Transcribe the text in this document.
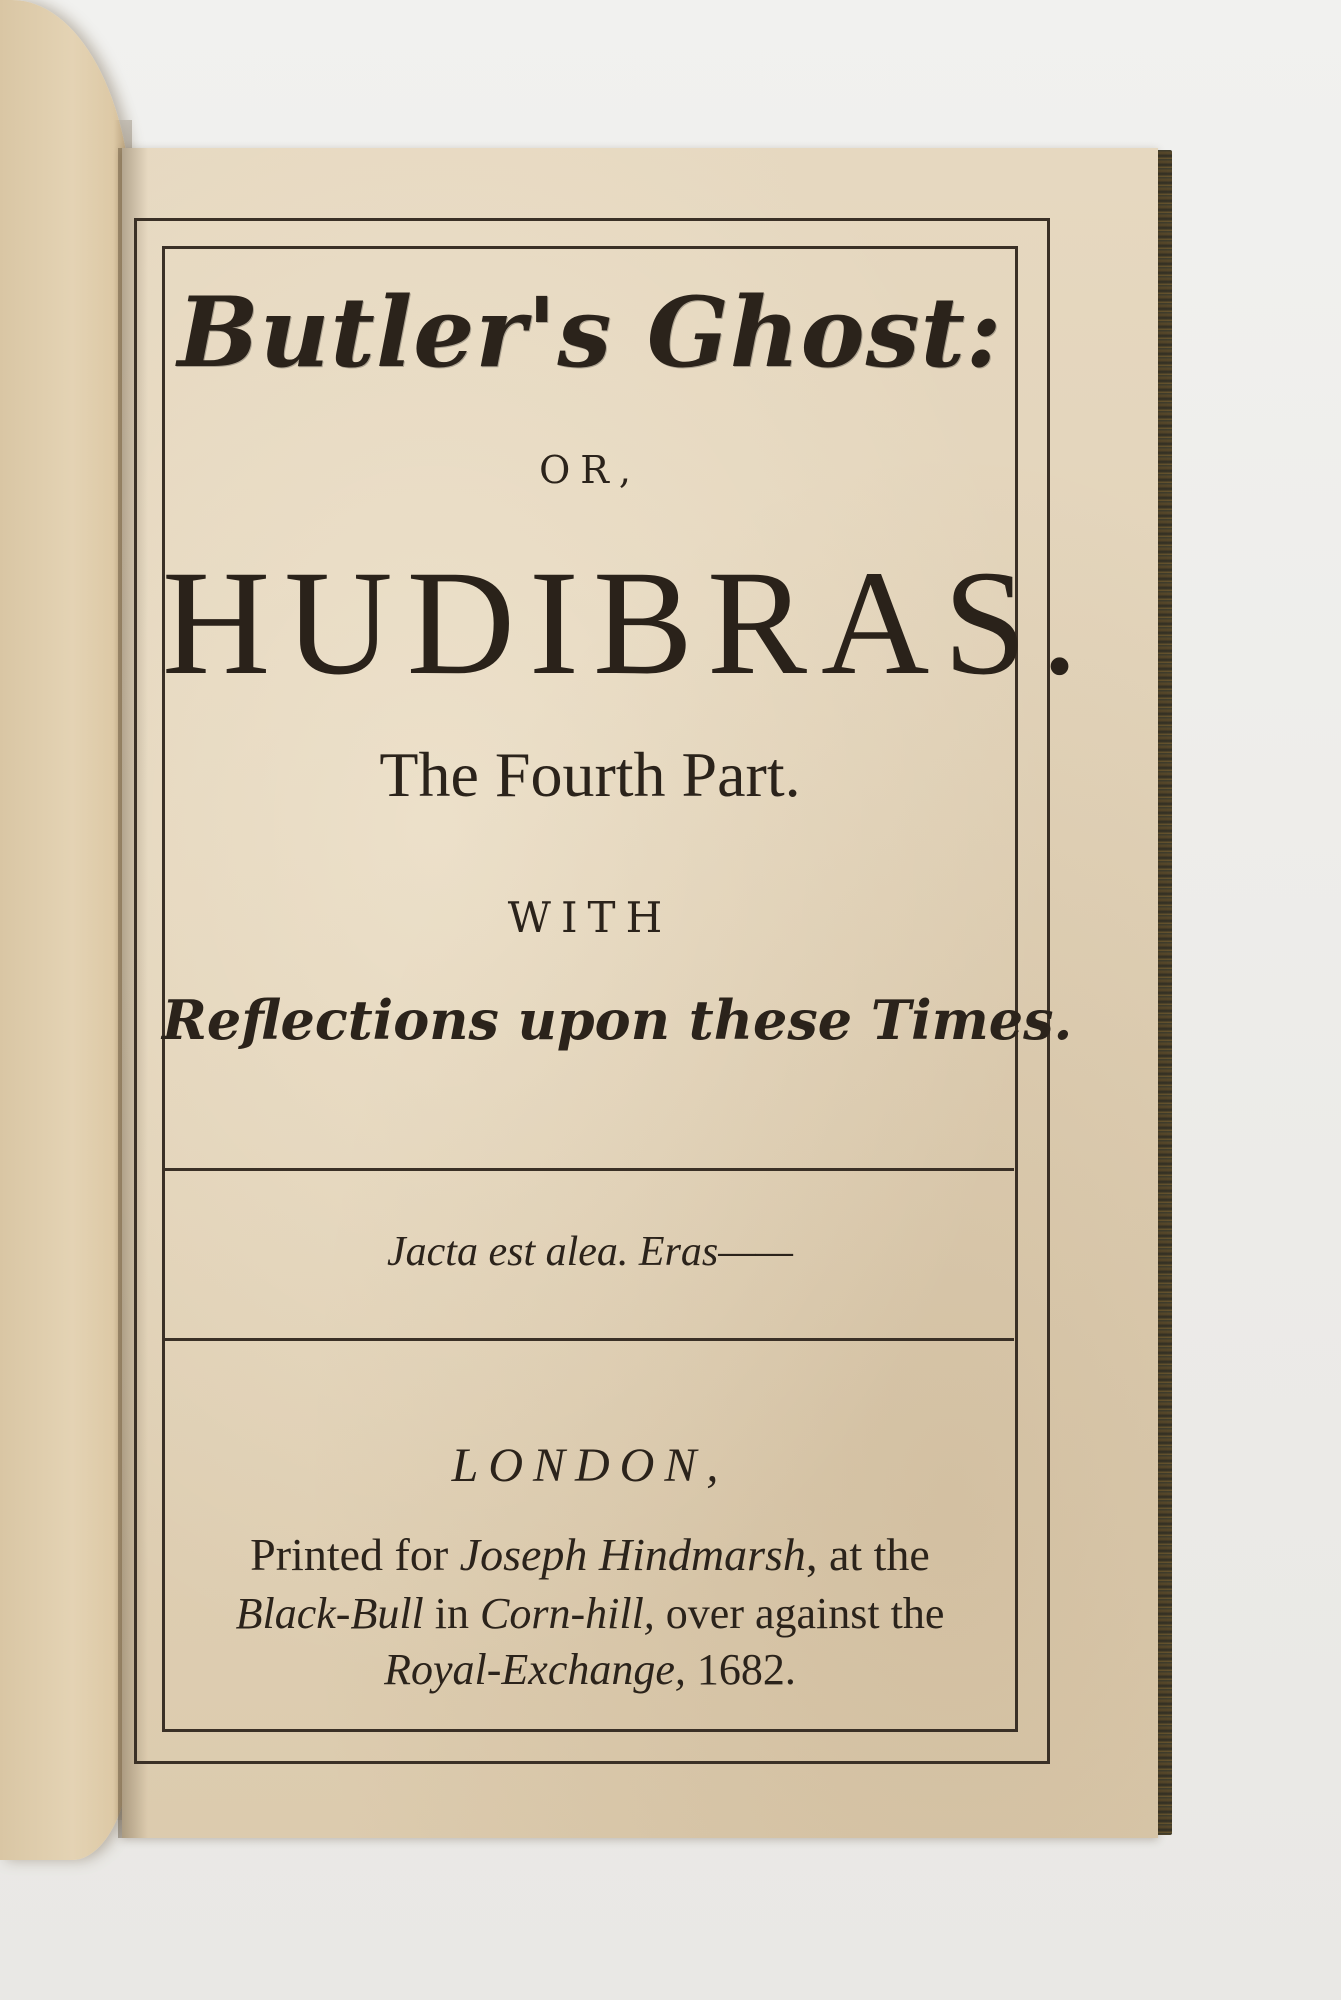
Butler's Ghost:
OR,
HUDIBRAS.
The Fourth Part.
WITH
Reflections upon these Times.
Jacta est alea. Eras——
LONDON,
Printed for Joseph Hindmarsh, at the
Black-Bull in Corn-hill, over against the
Royal-Exchange, 1682.
